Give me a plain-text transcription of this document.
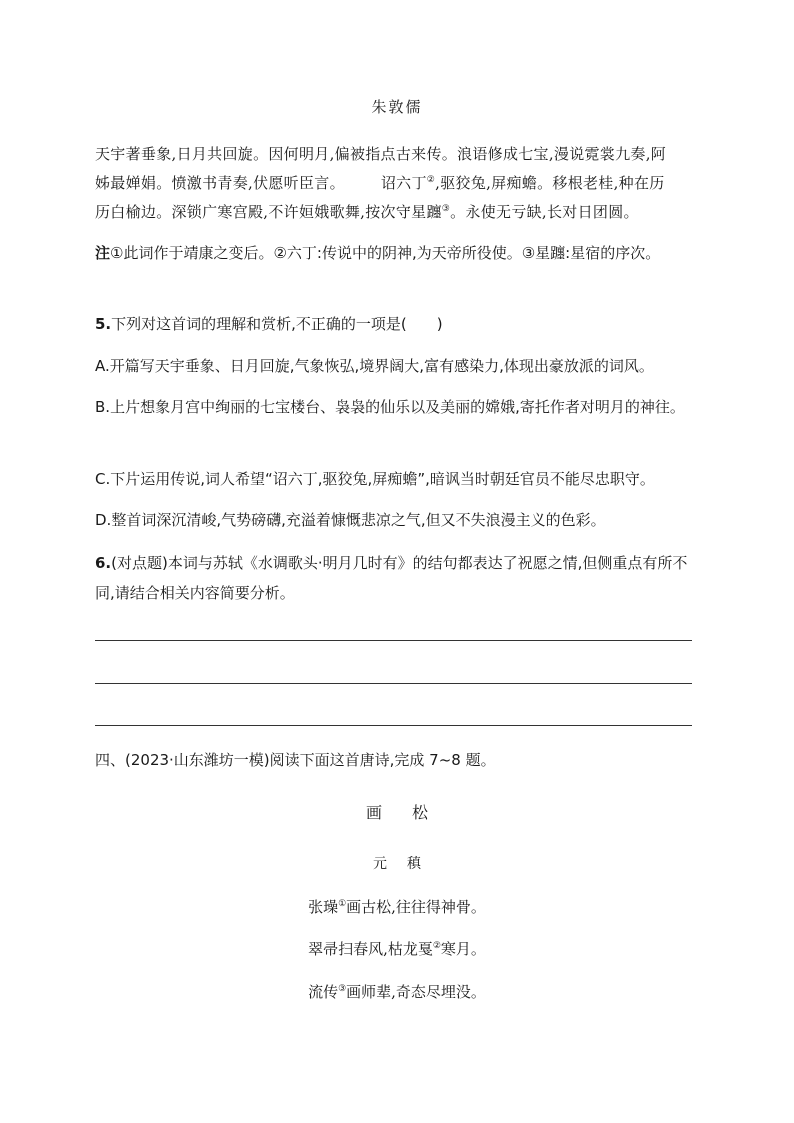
朱敦儒

天宇著垂象,日月共回旋。因何明月,偏被指点古来传。浪语修成七宝,漫说霓裳九奏,阿

姊最婵娟。愤激书青奏,伏愿听臣言。 诏六丁②,驱狡兔,屏痴蟾。移根老桂,种在历

历白榆边。深锁广寒宫殿,不许姮娥歌舞,按次守星躔③。永使无亏缺,长对日团圆。

注①此词作于靖康之变后。②六丁:传说中的阴神,为天帝所役使。③星躔:星宿的序次。
5.下列对这首词的理解和赏析,不正确的一项是(　　)
A.开篇写天宇垂象、日月回旋,气象恢弘,境界阔大,富有感染力,体现出豪放派的词风。
B.上片想象月宫中绚丽的七宝楼台、袅袅的仙乐以及美丽的嫦娥,寄托作者对明月的神往。
C.下片运用传说,词人希望“诏六丁,驱狡兔,屏痴蟾”,暗讽当时朝廷官员不能尽忠职守。
D.整首词深沉清峻,气势磅礴,充溢着慷慨悲凉之气,但又不失浪漫主义的色彩。
6.(对点题)本词与苏轼《水调歌头·明月几时有》的结句都表达了祝愿之情,但侧重点有所不同,请结合相关内容简要分析。
四、(2023·山东潍坊一模)阅读下面这首唐诗,完成 7~8 题。
画 松
元 稹
张璪①画古松,往往得神骨。
翠帚扫春风,枯龙戛②寒月。
流传③画师辈,奇态尽埋没。
